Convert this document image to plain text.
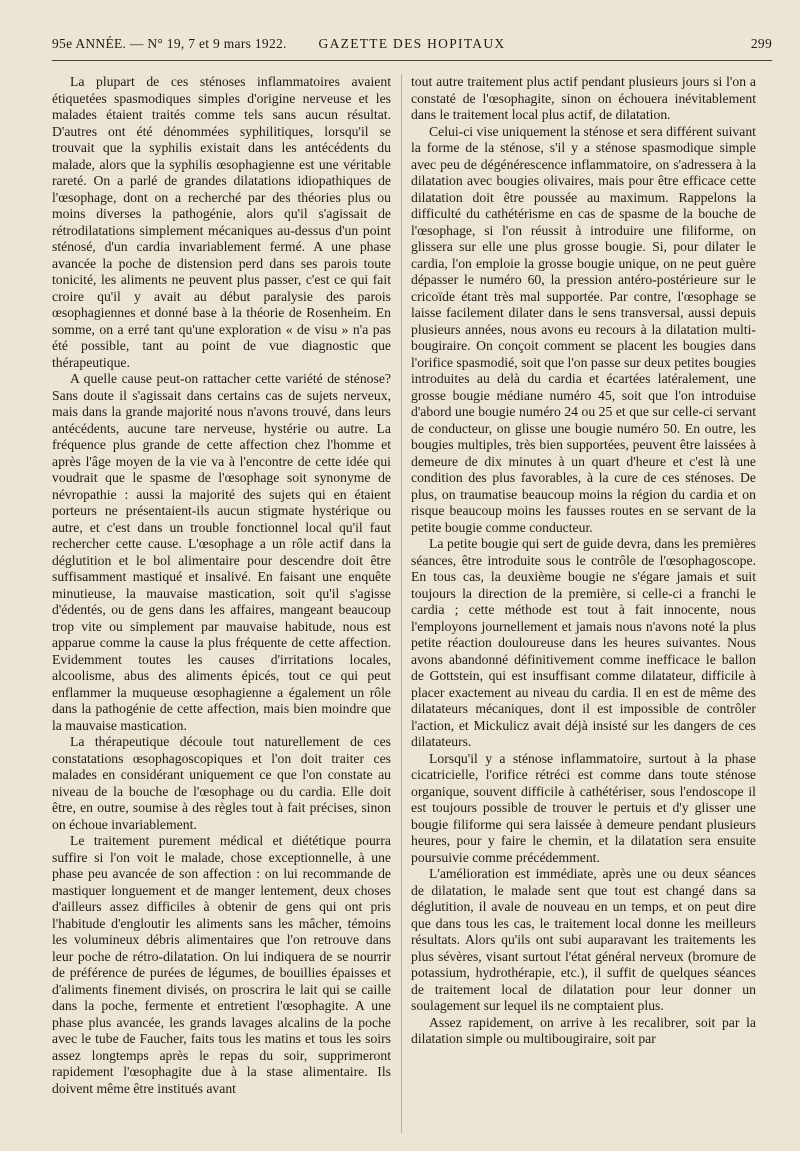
95e ANNÉE. — N° 19, 7 et 9 mars 1922.	GAZETTE DES HOPITAUX	299

La plupart de ces sténoses inflammatoires avaient étiquetées spasmodiques simples d'origine nerveuse et les malades étaient traités comme tels sans aucun résultat. D'autres ont été dénommées syphilitiques, lorsqu'il se trouvait que la syphilis existait dans les antécédents du malade, alors que la syphilis œsophagienne est une véritable rareté. On a parlé de grandes dilatations idiopathiques de l'œsophage, dont on a recherché par des théories plus ou moins diverses la pathogénie, alors qu'il s'agissait de rétrodilatations simplement mécaniques au-dessus d'un point sténosé, d'un cardia invariablement fermé. A une phase avancée la poche de distension perd dans ses parois toute tonicité, les aliments ne peuvent plus passer, c'est ce qui fait croire qu'il y avait au début paralysie des parois œsophagiennes et donné base à la théorie de Rosenheim. En somme, on a erré tant qu'une exploration « de visu » n'a pas été possible, tant au point de vue diagnostic que thérapeutique.

A quelle cause peut-on rattacher cette variété de sténose? Sans doute il s'agissait dans certains cas de sujets nerveux, mais dans la grande majorité nous n'avons trouvé, dans leurs antécédents, aucune tare nerveuse, hystérie ou autre. La fréquence plus grande de cette affection chez l'homme et après l'âge moyen de la vie va à l'encontre de cette idée qui voudrait que le spasme de l'œsophage soit synonyme de névropathie : aussi la majorité des sujets qui en étaient porteurs ne présentaient-ils aucun stigmate hystérique ou autre, et c'est dans un trouble fonctionnel local qu'il faut rechercher cette cause. L'œsophage a un rôle actif dans la déglutition et le bol alimentaire pour descendre doit être suffisamment mastiqué et insalivé. En faisant une enquête minutieuse, la mauvaise mastication, soit qu'il s'agisse d'édentés, ou de gens dans les affaires, mangeant beaucoup trop vite ou simplement par mauvaise habitude, nous est apparue comme la cause la plus fréquente de cette affection. Evidemment toutes les causes d'irritations locales, alcoolisme, abus des aliments épicés, tout ce qui peut enflammer la muqueuse œsophagienne a également un rôle dans la pathogénie de cette affection, mais bien moindre que la mauvaise mastication.

La thérapeutique découle tout naturellement de ces constatations œsophagoscopiques et l'on doit traiter ces malades en considérant uniquement ce que l'on constate au niveau de la bouche de l'œsophage ou du cardia. Elle doit être, en outre, soumise à des règles tout à fait précises, sinon on échoue invariablement.

Le traitement purement médical et diététique pourra suffire si l'on voit le malade, chose exceptionnelle, à une phase peu avancée de son affection : on lui recommande de mastiquer longuement et de manger lentement, deux choses d'ailleurs assez difficiles à obtenir de gens qui ont pris l'habitude d'engloutir les aliments sans les mâcher, témoins les volumineux débris alimentaires que l'on retrouve dans leur poche de rétro-dilatation. On lui indiquera de se nourrir de préférence de purées de légumes, de bouillies épaisses et d'aliments finement divisés, on proscrira le lait qui se caille dans la poche, fermente et entretient l'œsophagite. A une phase plus avancée, les grands lavages alcalins de la poche avec le tube de Faucher, faits tous les matins et tous les soirs assez longtemps après le repas du soir, supprimeront rapidement l'œsophagite due à la stase alimentaire. Ils doivent même être institués avant

tout autre traitement plus actif pendant plusieurs jours si l'on a constaté de l'œsophagite, sinon on échouera inévitablement dans le traitement local plus actif, de dilatation.

Celui-ci vise uniquement la sténose et sera différent suivant la forme de la sténose, s'il y a sténose spasmodique simple avec peu de dégénérescence inflammatoire, on s'adressera à la dilatation avec bougies olivaires, mais pour être efficace cette dilatation doit être poussée au maximum. Rappelons la difficulté du cathétérisme en cas de spasme de la bouche de l'œsophage, si l'on réussit à introduire une filiforme, on glissera sur elle une plus grosse bougie. Si, pour dilater le cardia, l'on emploie la grosse bougie unique, on ne peut guère dépasser le numéro 60, la pression antéro-postérieure sur le cricoïde étant très mal supportée. Par contre, l'œsophage se laisse facilement dilater dans le sens transversal, aussi depuis plusieurs années, nous avons eu recours à la dilatation multi-bougiraire. On conçoit comment se placent les bougies dans l'orifice spasmodié, soit que l'on passe sur deux petites bougies introduites au delà du cardia et écartées latéralement, une grosse bougie médiane numéro 45, soit que l'on introduise d'abord une bougie numéro 24 ou 25 et que sur celle-ci servant de conducteur, on glisse une bougie numéro 50. En outre, les bougies multiples, très bien supportées, peuvent être laissées à demeure de dix minutes à un quart d'heure et c'est là une condition des plus favorables, à la cure de ces sténoses. De plus, on traumatise beaucoup moins la région du cardia et on risque beaucoup moins les fausses routes en se servant de la petite bougie comme conducteur.

La petite bougie qui sert de guide devra, dans les premières séances, être introduite sous le contrôle de l'œsophagoscope. En tous cas, la deuxième bougie ne s'égare jamais et suit toujours la direction de la première, si celle-ci a franchi le cardia ; cette méthode est tout à fait innocente, nous l'employons journellement et jamais nous n'avons noté la plus petite réaction douloureuse dans les heures suivantes. Nous avons abandonné définitivement comme inefficace le ballon de Gottstein, qui est insuffisant comme dilatateur, difficile à placer exactement au niveau du cardia. Il en est de même des dilatateurs mécaniques, dont il est impossible de contrôler l'action, et Mickulicz avait déjà insisté sur les dangers de ces dilatateurs.

Lorsqu'il y a sténose inflammatoire, surtout à la phase cicatricielle, l'orifice rétréci est comme dans toute sténose organique, souvent difficile à cathétériser, sous l'endoscope il est toujours possible de trouver le pertuis et d'y glisser une bougie filiforme qui sera laissée à demeure pendant plusieurs heures, pour y faire le chemin, et la dilatation sera ensuite poursuivie comme précédemment.

L'amélioration est immédiate, après une ou deux séances de dilatation, le malade sent que tout est changé dans sa déglutition, il avale de nouveau en un temps, et on peut dire que dans tous les cas, le traitement local donne les meilleurs résultats. Alors qu'ils ont subi auparavant les traitements les plus sévères, visant surtout l'état général nerveux (bromure de potassium, hydrothérapie, etc.), il suffit de quelques séances de traitement local de dilatation pour leur donner un soulagement sur lequel ils ne comptaient plus.

Assez rapidement, on arrive à les recalibrer, soit par la dilatation simple ou multibougiraire, soit par
